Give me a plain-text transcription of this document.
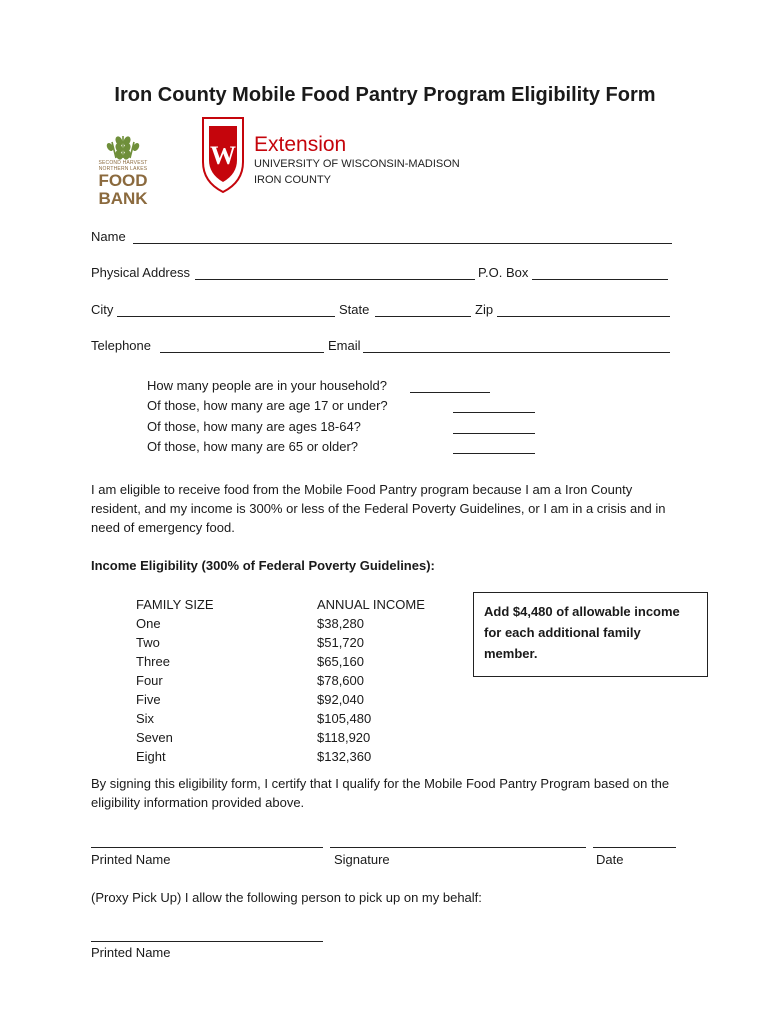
Iron County Mobile Food Pantry Program Eligibility Form
SECOND HARVEST
NORTHERN LAKES
FOOD
BANK
W Extension
UNIVERSITY OF WISCONSIN-MADISON
IRON COUNTY
Name
Physical Address	P.O. Box
City	State	Zip
Telephone	Email
How many people are in your household?
Of those, how many are age 17 or under?
Of those, how many are ages 18-64?
Of those, how many are 65 or older?
I am eligible to receive food from the Mobile Food Pantry program because I am a Iron County resident, and my income is 300% or less of the Federal Poverty Guidelines, or I am in a crisis and in need of emergency food.
Income Eligibility (300% of Federal Poverty Guidelines):
FAMILY SIZE	ANNUAL INCOME
One	$38,280
Two	$51,720
Three	$65,160
Four	$78,600
Five	$92,040
Six	$105,480
Seven	$118,920
Eight	$132,360
Add $4,480 of allowable income for each additional family member.
By signing this eligibility form, I certify that I qualify for the Mobile Food Pantry Program based on the eligibility information provided above.
Printed Name	Signature	Date
(Proxy Pick Up) I allow the following person to pick up on my behalf:
Printed Name
